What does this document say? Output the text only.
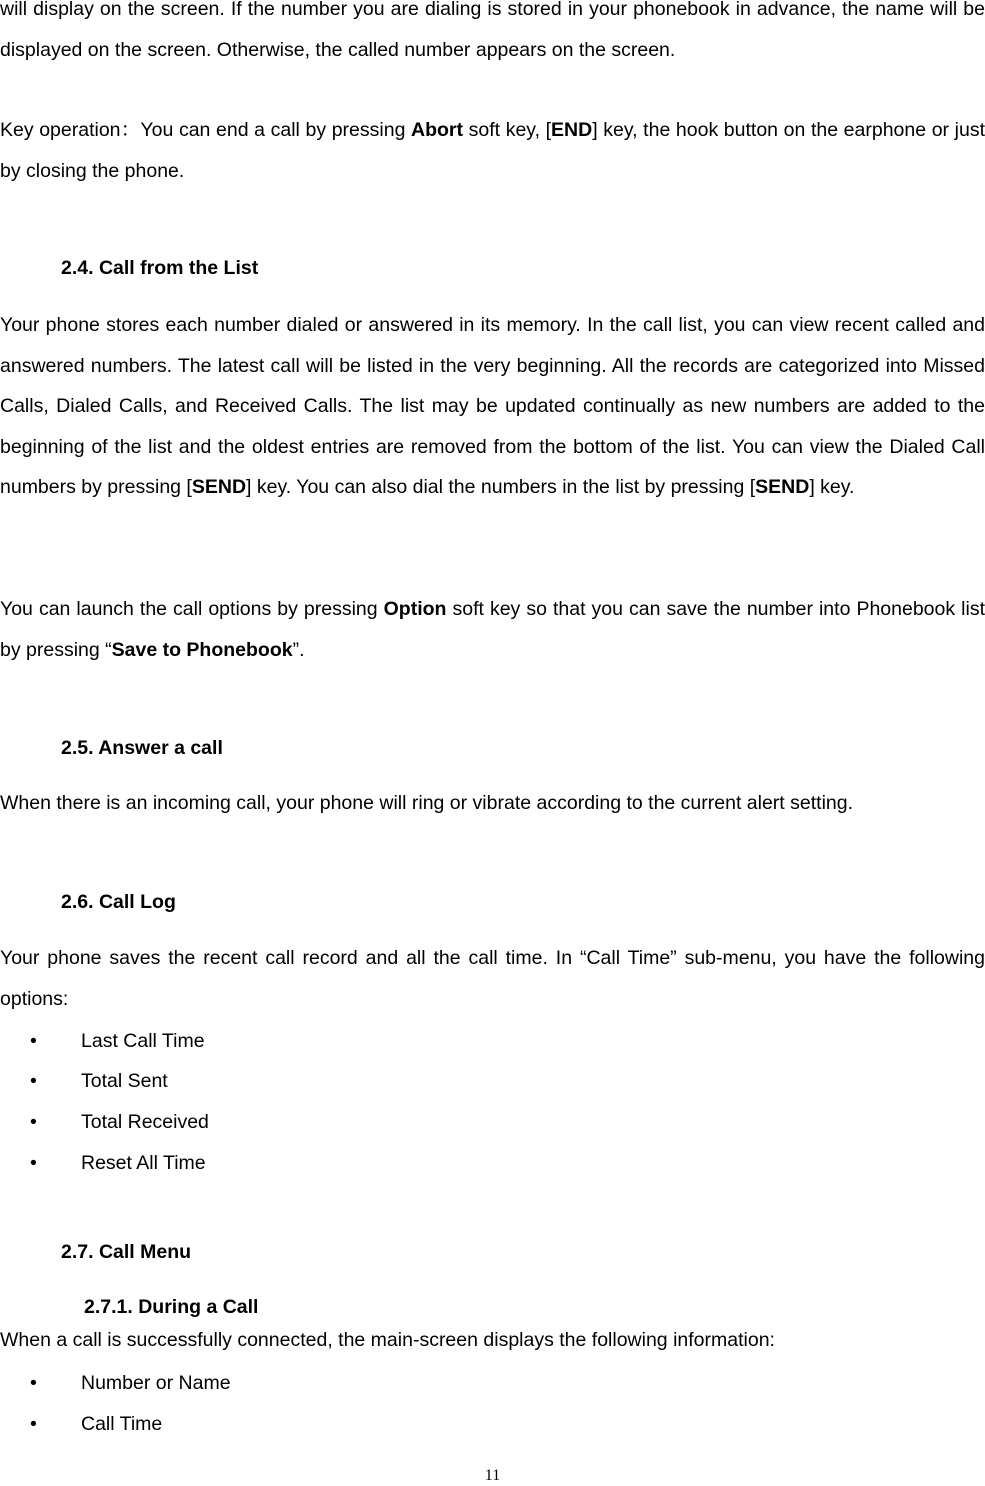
will display on the screen. If the number you are dialing is stored in your phonebook in advance, the name will be displayed on the screen. Otherwise, the called number appears on the screen.

Key operation：You can end a call by pressing Abort soft key, [END] key, the hook button on the earphone or just by closing the phone.

2.4. Call from the List

Your phone stores each number dialed or answered in its memory. In the call list, you can view recent called and answered numbers. The latest call will be listed in the very beginning. All the records are categorized into Missed Calls, Dialed Calls, and Received Calls. The list may be updated continually as new numbers are added to the beginning of the list and the oldest entries are removed from the bottom of the list. You can view the Dialed Call numbers by pressing [SEND] key. You can also dial the numbers in the list by pressing [SEND] key.

You can launch the call options by pressing Option soft key so that you can save the number into Phonebook list by pressing “Save to Phonebook”.

2.5. Answer a call

When there is an incoming call, your phone will ring or vibrate according to the current alert setting.

2.6. Call Log

Your phone saves the recent call record and all the call time. In “Call Time” sub-menu, you have the following options:

• Last Call Time
• Total Sent
• Total Received
• Reset All Time
2.7. Call Menu
2.7.1. During a Call

When a call is successfully connected, the main-screen displays the following information:

• Number or Name
• Call Time
11
